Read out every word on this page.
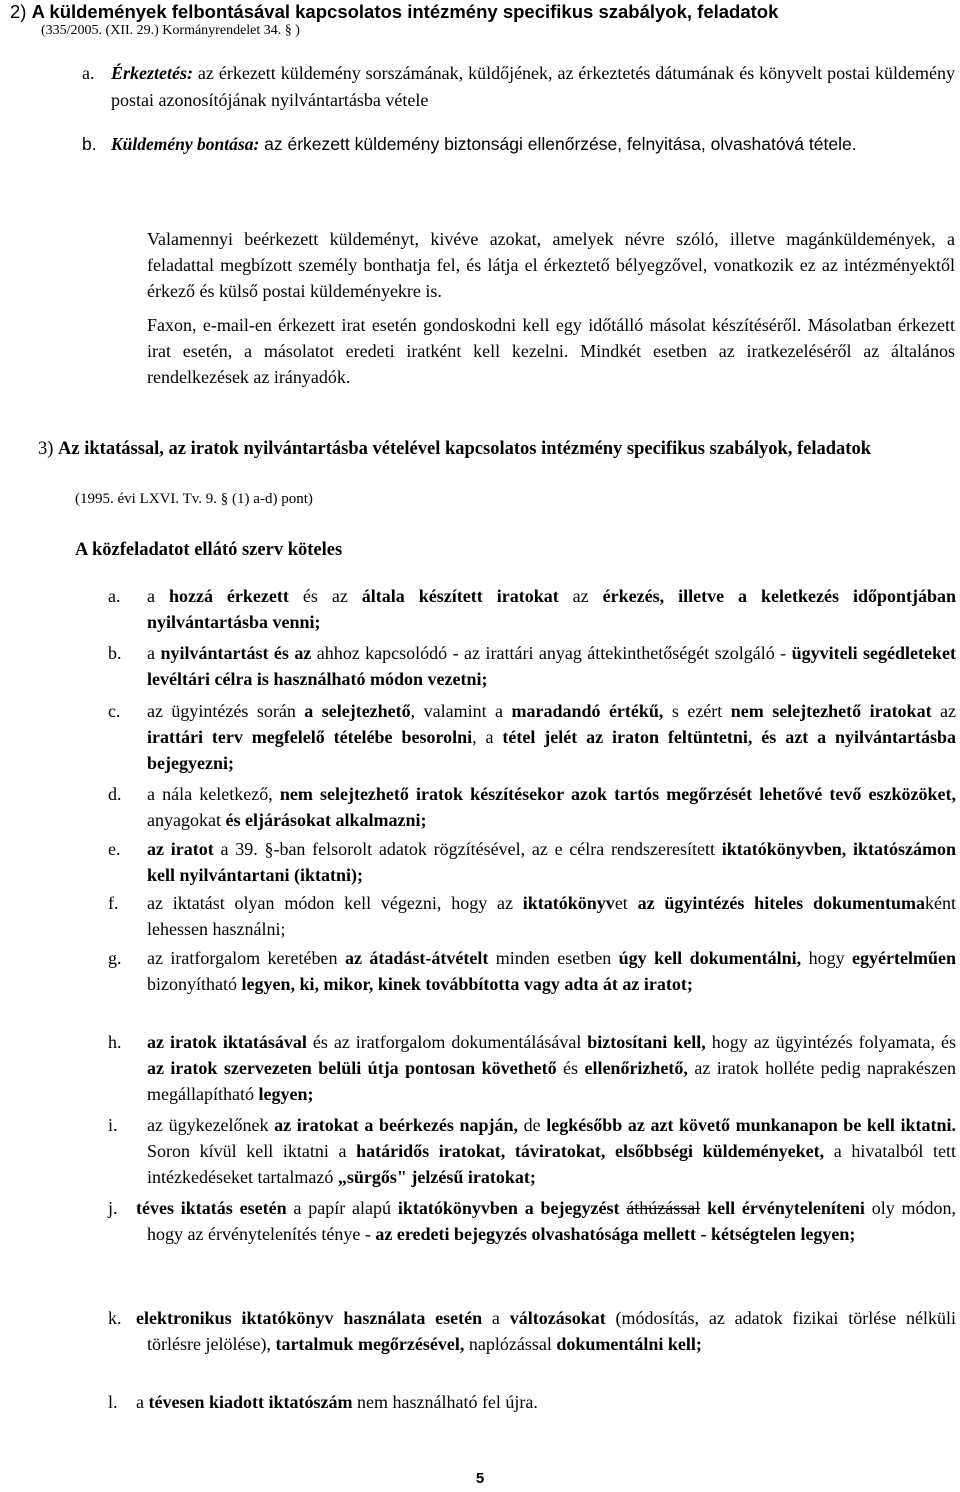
2) A küldemények felbontásával kapcsolatos intézmény specifikus szabályok, feladatok
(335/2005. (XII. 29.) Kormányrendelet 34. § )
a. Érkeztetés: az érkezett küldemény sorszámának, küldőjének, az érkeztetés dátumának és könyvelt postai küldemény postai azonosítójának nyilvántartásba vétele
b. Küldemény bontása: az érkezett küldemény biztonsági ellenőrzése, felnyitása, olvashatóvá tétele.

Valamennyi beérkezett küldeményt, kivéve azokat, amelyek névre szóló, illetve magánküldemények, a feladattal megbízott személy bonthatja fel, és látja el érkeztető bélyegzővel, vonatkozik ez az intézményektől érkező és külső postai küldeményekre is.

Faxon, e-mail-en érkezett irat esetén gondoskodni kell egy időtálló másolat készítéséről. Másolatban érkezett irat esetén, a másolatot eredeti iratként kell kezelni. Mindkét esetben az iratkezeléséről az általános rendelkezések az irányadók.

3) Az iktatással, az iratok nyilvántartásba vételével kapcsolatos intézmény specifikus szabályok, feladatok
(1995. évi LXVI. Tv. 9. § (1) a-d) pont)
A közfeladatot ellátó szerv köteles
a. a hozzá érkezett és az általa készített iratokat az érkezés, illetve a keletkezés időpontjában nyilvántartásba venni;
b. a nyilvántartást és az ahhoz kapcsolódó - az irattári anyag áttekinthetőségét szolgáló - ügyviteli segédleteket levéltári célra is használható módon vezetni;
c. az ügyintézés során a selejtezhető, valamint a maradandó értékű, s ezért nem selejtezhető iratokat az irattári terv megfelelő tételébe besorolni, a tétel jelét az iraton feltüntetni, és azt a nyilvántartásba bejegyezni;
d. a nála keletkező, nem selejtezhető iratok készítésekor azok tartós megőrzését lehetővé tevő eszközöket, anyagokat és eljárásokat alkalmazni;
e. az iratot a 39. §-ban felsorolt adatok rögzítésével, az e célra rendszeresített iktatókönyvben, iktatószámon kell nyilvántartani (iktatni);
f. az iktatást olyan módon kell végezni, hogy az iktatókönyvet az ügyintézés hiteles dokumentumaként lehessen használni;
g. az iratforgalom keretében az átadást-átvételt minden esetben úgy kell dokumentálni, hogy egyértelműen bizonyítható legyen, ki, mikor, kinek továbbította vagy adta át az iratot;
h. az iratok iktatásával és az iratforgalom dokumentálásával biztosítani kell, hogy az ügyintézés folyamata, és az iratok szervezeten belüli útja pontosan követhető és ellenőrizhető, az iratok holléte pedig naprakészen megállapítható legyen;
i. az ügykezelőnek az iratokat a beérkezés napján, de legkésőbb az azt követő munkanapon be kell iktatni. Soron kívül kell iktatni a határidős iratokat, táviratokat, elsőbbségi küldeményeket, a hivatalból tett intézkedéseket tartalmazó „sürgős" jelzésű iratokat;
j. téves iktatás esetén a papír alapú iktatókönyvben a bejegyzést áthúzással kell érvényteleníteni oly módon, hogy az érvénytelenítés ténye - az eredeti bejegyzés olvashatósága mellett - kétségtelen legyen;
k. elektronikus iktatókönyv használata esetén a változásokat (módosítás, az adatok fizikai törlése nélküli törlésre jelölése), tartalmuk megőrzésével, naplózással dokumentálni kell;
l. a tévesen kiadott iktatószám nem használható fel újra.
5
